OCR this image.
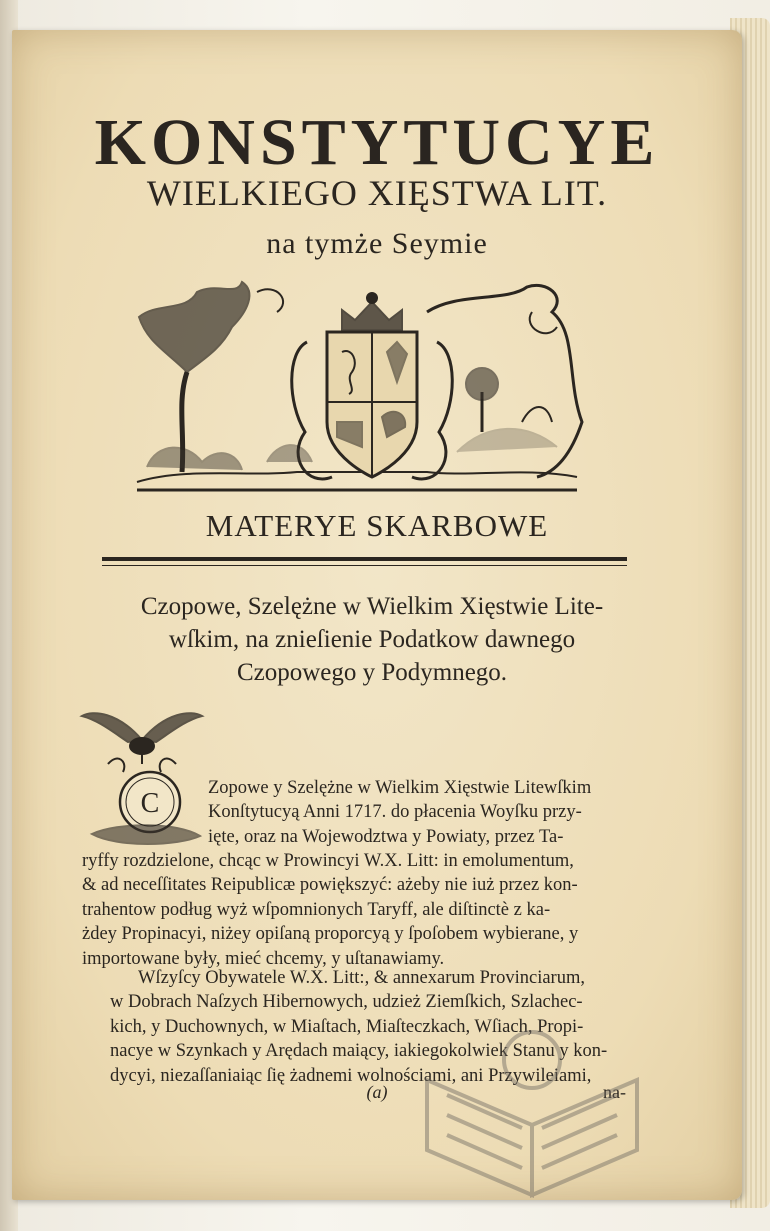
KONSTYTUCYE
WIELKIEGO XIĘSTWA LIT.
na tymże Seymie
MATERYE SKARBOWE
Czopowe, Szelężne w Wielkim Xięstwie Lite-
wſkim, na znieſienie Podatkow dawnego
Czopowego y Podymnego.
C	Zopowe y Szelężne w Wielkim Xięstwie Litewſkim
Konſtytucyą Anni 1717. do płacenia Woyſku przy-
ięte, oraz na Wojewodztwa y Powiaty, przez Ta-
ryffy rozdzielone, chcąc w Prowincyi W.X. Litt: in emolumentum,
& ad neceſſitates Reipublicæ powiększyć: ażeby nie iuż przez kon-
trahentow podług wyż wſpomnionych Taryff, ale diſtinctè z ka-
żdey Propinacyi, niżey opiſaną proporcyą y ſpoſobem wybierane, y
importowane były, mieć chcemy, y uſtanawiamy.
Wſzyſcy Obywatele W.X. Litt:, & annexarum Provinciarum,
w Dobrach Naſzych Hibernowych, udzież Ziemſkich, Szlachec-
kich, y Duchownych, w Miaſtach, Miaſteczkach, Wſiach, Propi-
nacye w Szynkach y Arędach maiący, iakiegokolwiek Stanu y kon-
dycyi, niezaſſaniaiąc ſię żadnemi wolnościami, ani Przywileiami,
(a)	na-
